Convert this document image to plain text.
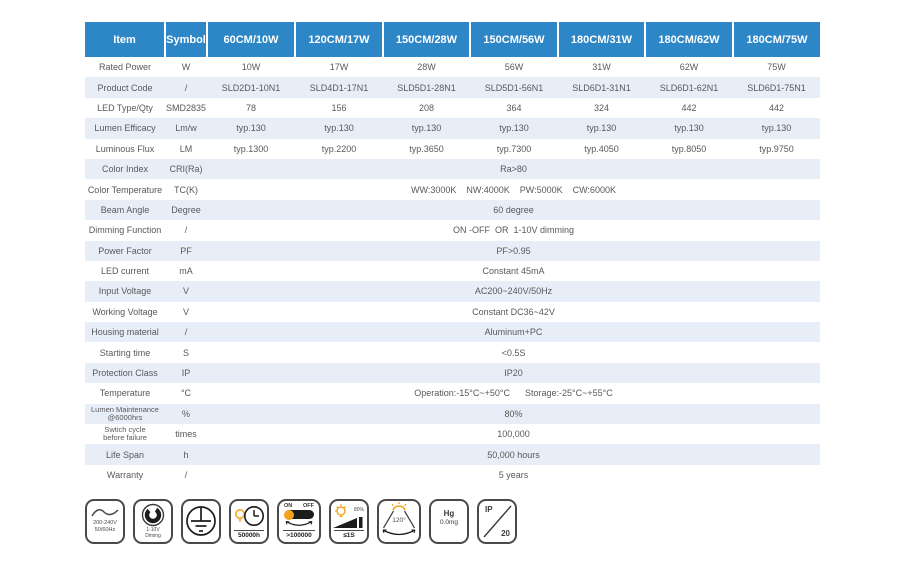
Item	Symbol	60CM/10W	120CM/17W	150CM/28W	150CM/56W	180CM/31W	180CM/62W	180CM/75W
Rated Power	W	10W	17W	28W	56W	31W	62W	75W
Product Code	/	SLD2D1-10N1	SLD4D1-17N1	SLD5D1-28N1	SLD5D1-56N1	SLD6D1-31N1	SLD6D1-62N1	SLD6D1-75N1
LED Type/Qty	SMD2835	78	156	208	364	324	442	442
Lumen Efficacy	Lm/w	typ.130	typ.130	typ.130	typ.130	typ.130	typ.130	typ.130
Luminous Flux	LM	typ.1300	typ.2200	typ.3650	typ.7300	typ.4050	typ.8050	typ.9750
Color Index	CRI(Ra)	Ra>80						
Color Temperature	TC(K)	WW:3000K    NW:4000K    PW:5000K    CW:6000K						
Beam Angle	Degree	60 degree						
Dimming Function	/	ON -OFF  OR  1-10V dimming						
Power Factor	PF	PF>0.95						
LED current	mA	Constant 45mA						
Input Voltage	V	AC200~240V/50Hz						
Working Voltage	V	Constant DC36~42V						
Housing material	/	Aluminum+PC						
Starting time	S	<0.5S						
Protection Class	IP	IP20						
Temperature	°C	Operation:-15°C~+50°C      Storage:-25°C~+55°C						

Lumen Maintenance
@6000hrs	%	80%						

Swtich cycle
before failure	times	100,000						
Life Span	h	50,000 hours						
Warranty	/	5 years						
200-240V
50/60Hz	1-10V
Diming	50000h
ON OFF
>100000
80%
≤1S
120°
Hg
0.0mg
IP
20
